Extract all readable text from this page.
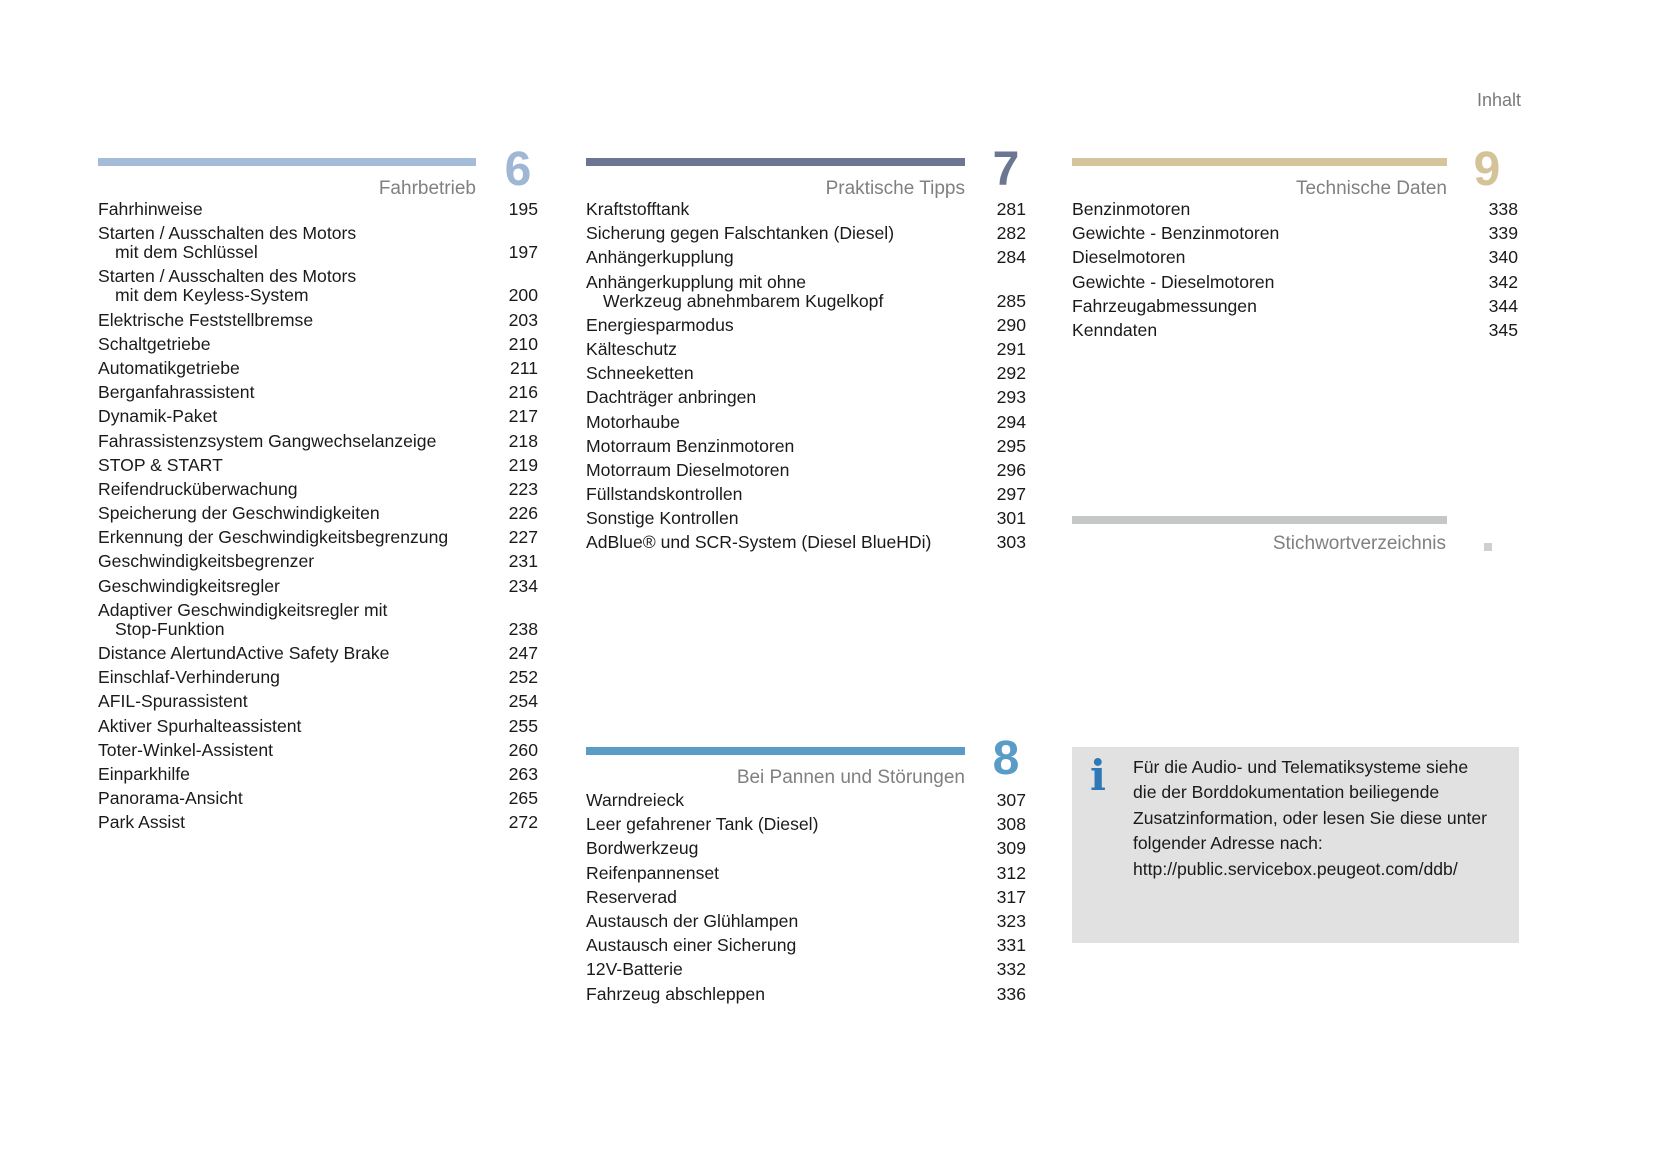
Inhalt
Fahrbetrieb 6
Fahrhinweise	195
Starten / Ausschalten des Motors
mit dem Schlüssel	197
Starten / Ausschalten des Motors
mit dem Keyless-System	200
Elektrische Feststellbremse	203
Schaltgetriebe	210
Automatikgetriebe	211
Berganfahrassistent	216
Dynamik-Paket	217
Fahrassistenzsystem Gangwechselanzeige	218
STOP & START	219
Reifendrucküberwachung	223
Speicherung der Geschwindigkeiten	226
Erkennung der Geschwindigkeitsbegrenzung	227
Geschwindigkeitsbegrenzer	231
Geschwindigkeitsregler	234
Adaptiver Geschwindigkeitsregler mit
Stop-Funktion	238
Distance AlertundActive Safety Brake	247
Einschlaf-Verhinderung	252
AFIL-Spurassistent	254
Aktiver Spurhalteassistent	255
Toter-Winkel-Assistent	260
Einparkhilfe	263
Panorama-Ansicht	265
Park Assist	272
Praktische Tipps 7
Kraftstofftank	281
Sicherung gegen Falschtanken (Diesel)	282
Anhängerkupplung	284
Anhängerkupplung mit ohne
Werkzeug abnehmbarem Kugelkopf	285
Energiesparmodus	290
Kälteschutz	291
Schneeketten	292
Dachträger anbringen	293
Motorhaube	294
Motorraum Benzinmotoren	295
Motorraum Dieselmotoren	296
Füllstandskontrollen	297
Sonstige Kontrollen	301
AdBlue® und SCR-System (Diesel BlueHDi)	303
Bei Pannen und Störungen 8
Warndreieck	307
Leer gefahrener Tank (Diesel)	308
Bordwerkzeug	309
Reifenpannenset	312
Reserverad	317
Austausch der Glühlampen	323
Austausch einer Sicherung	331
12V-Batterie	332
Fahrzeug abschleppen	336
Technische Daten 9
Benzinmotoren	338
Gewichte - Benzinmotoren	339
Dieselmotoren	340
Gewichte - Dieselmotoren	342
Fahrzeugabmessungen	344
Kenndaten	345
Stichwortverzeichnis
i Für die Audio- und Telematiksysteme siehe
die der Borddokumentation beiliegende
Zusatzinformation, oder lesen Sie diese unter
folgender Adresse nach:
http://public.servicebox.peugeot.com/ddb/
